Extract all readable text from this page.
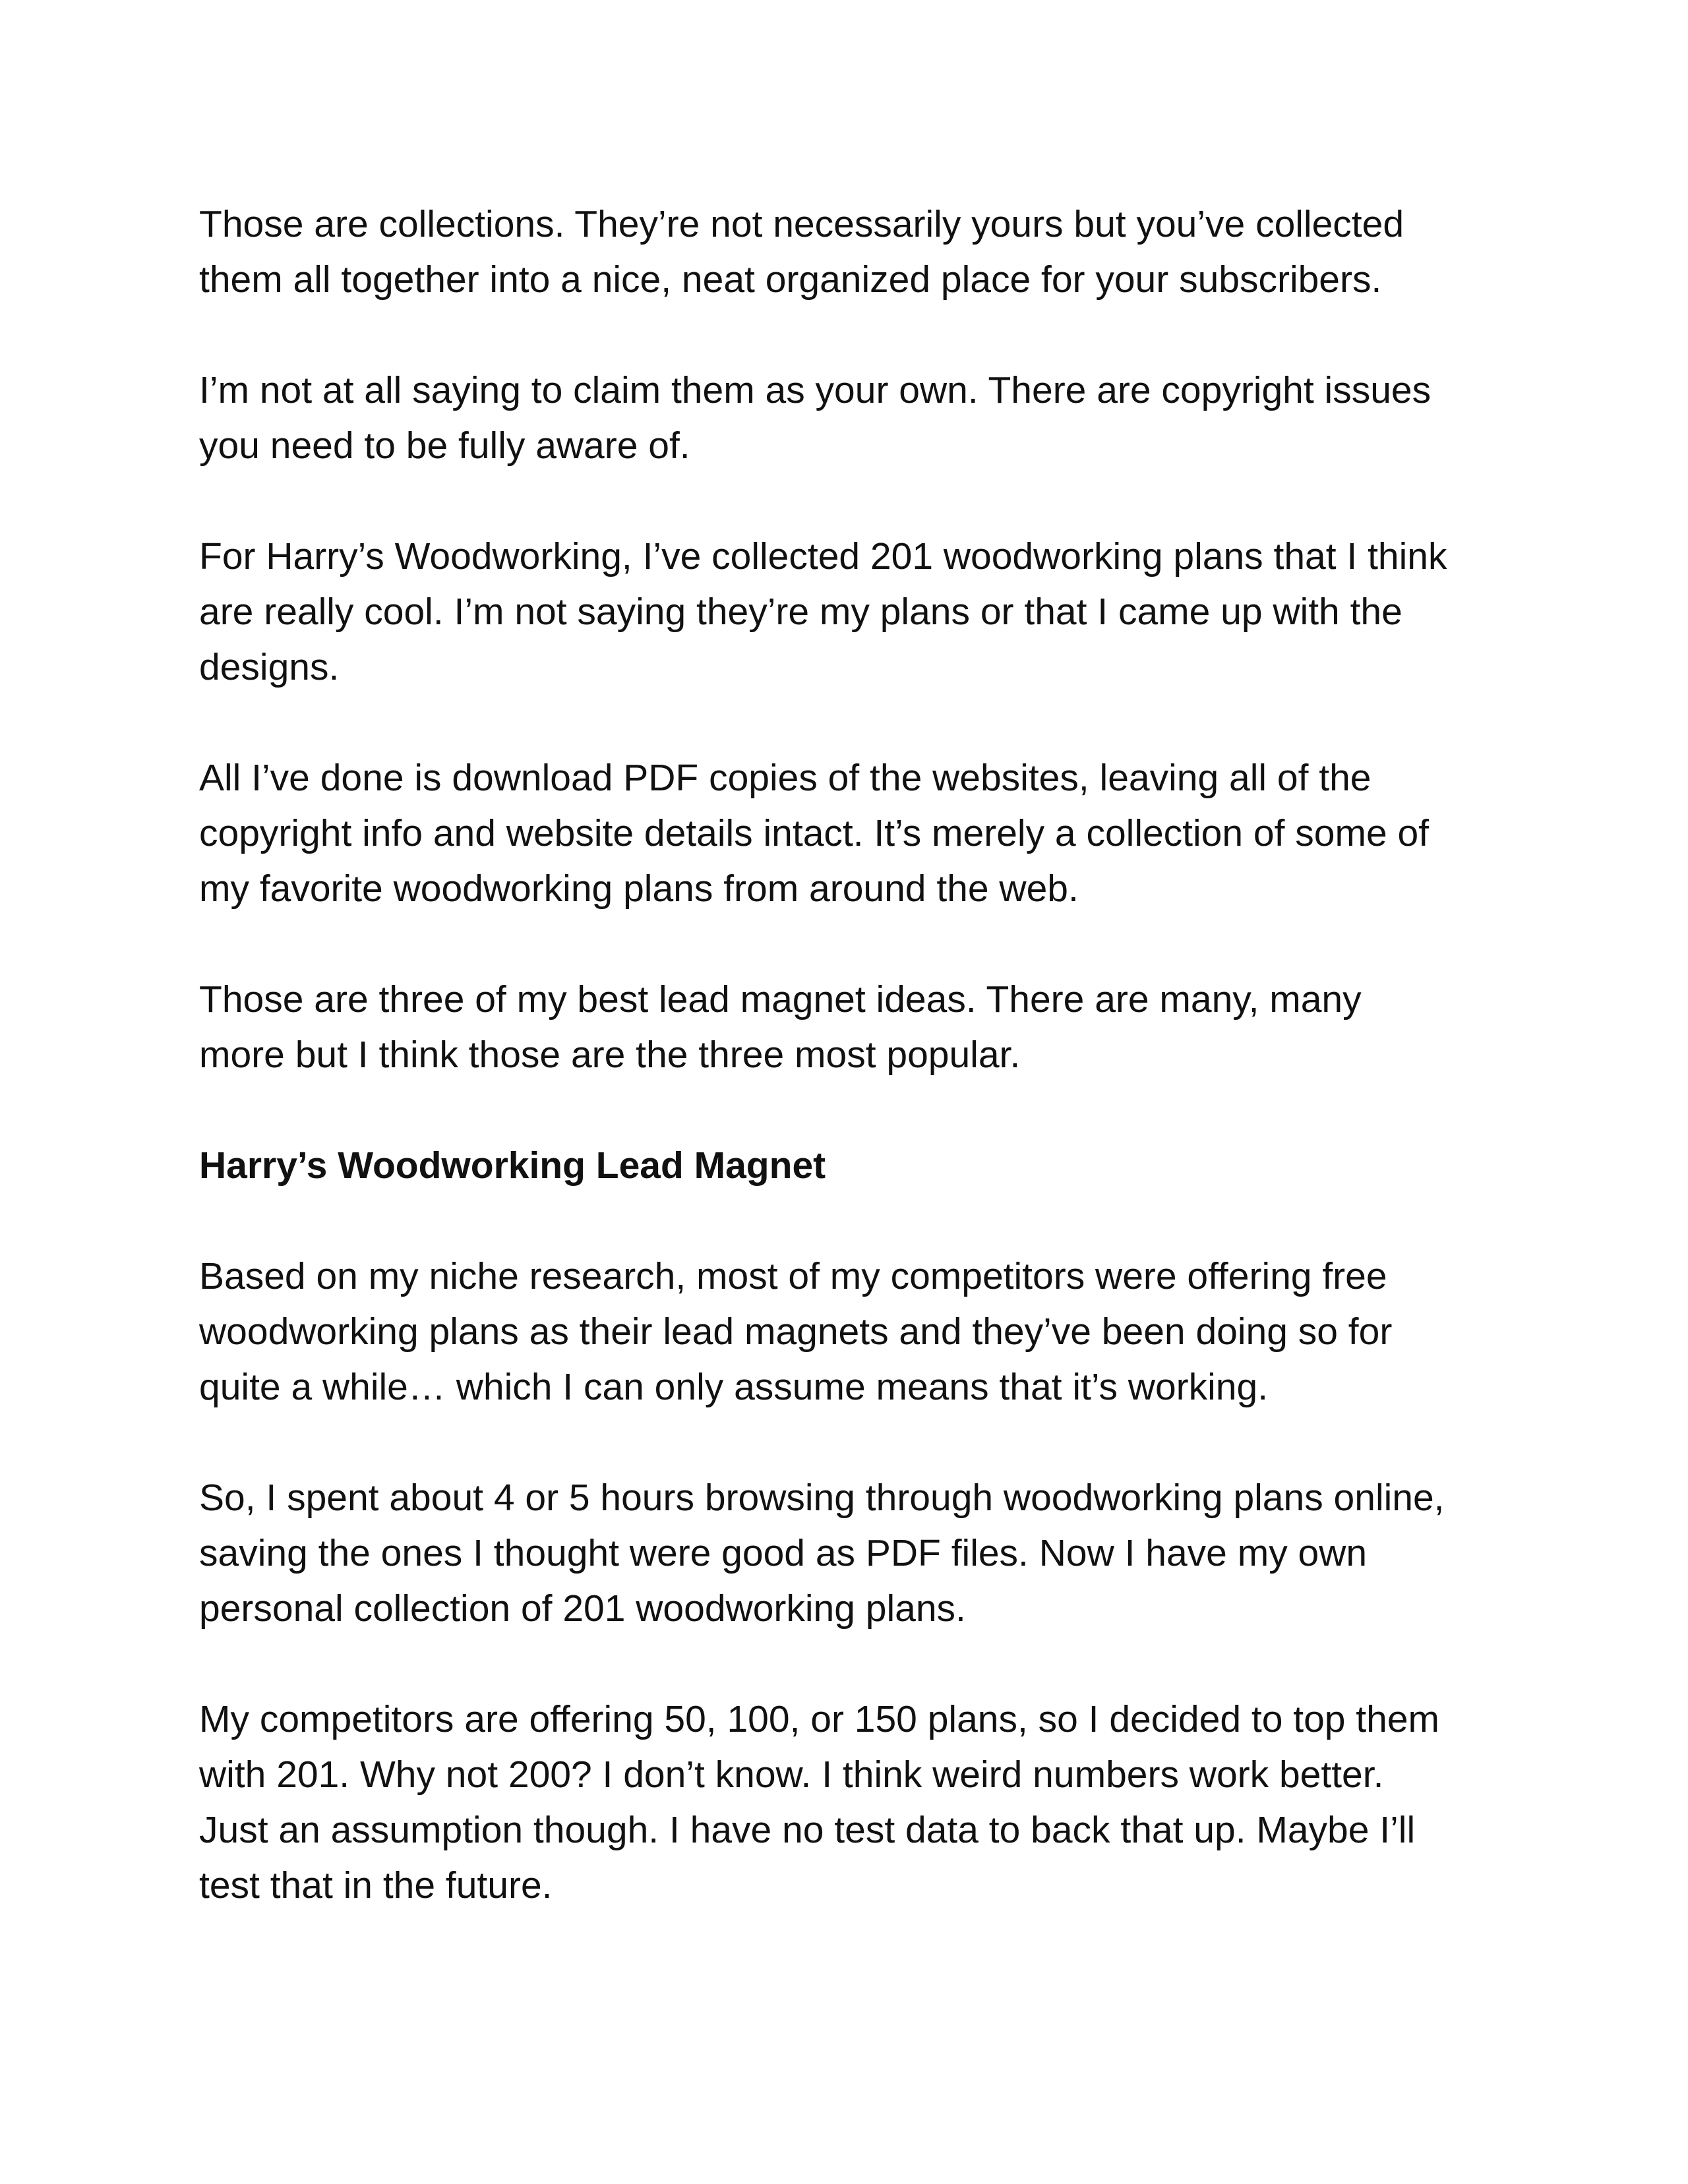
Those are collections. They’re not necessarily yours but you’ve collected
them all together into a nice, neat organized place for your subscribers.

I’m not at all saying to claim them as your own. There are copyright issues
you need to be fully aware of.

For Harry’s Woodworking, I’ve collected 201 woodworking plans that I think
are really cool. I’m not saying they’re my plans or that I came up with the
designs.

All I’ve done is download PDF copies of the websites, leaving all of the
copyright info and website details intact. It’s merely a collection of some of
my favorite woodworking plans from around the web.

Those are three of my best lead magnet ideas. There are many, many
more but I think those are the three most popular.

Harry’s Woodworking Lead Magnet

Based on my niche research, most of my competitors were offering free
woodworking plans as their lead magnets and they’ve been doing so for
quite a while… which I can only assume means that it’s working.

So, I spent about 4 or 5 hours browsing through woodworking plans online,
saving the ones I thought were good as PDF files. Now I have my own
personal collection of 201 woodworking plans.

My competitors are offering 50, 100, or 150 plans, so I decided to top them
with 201. Why not 200? I don’t know. I think weird numbers work better.
Just an assumption though. I have no test data to back that up. Maybe I’ll
test that in the future.
